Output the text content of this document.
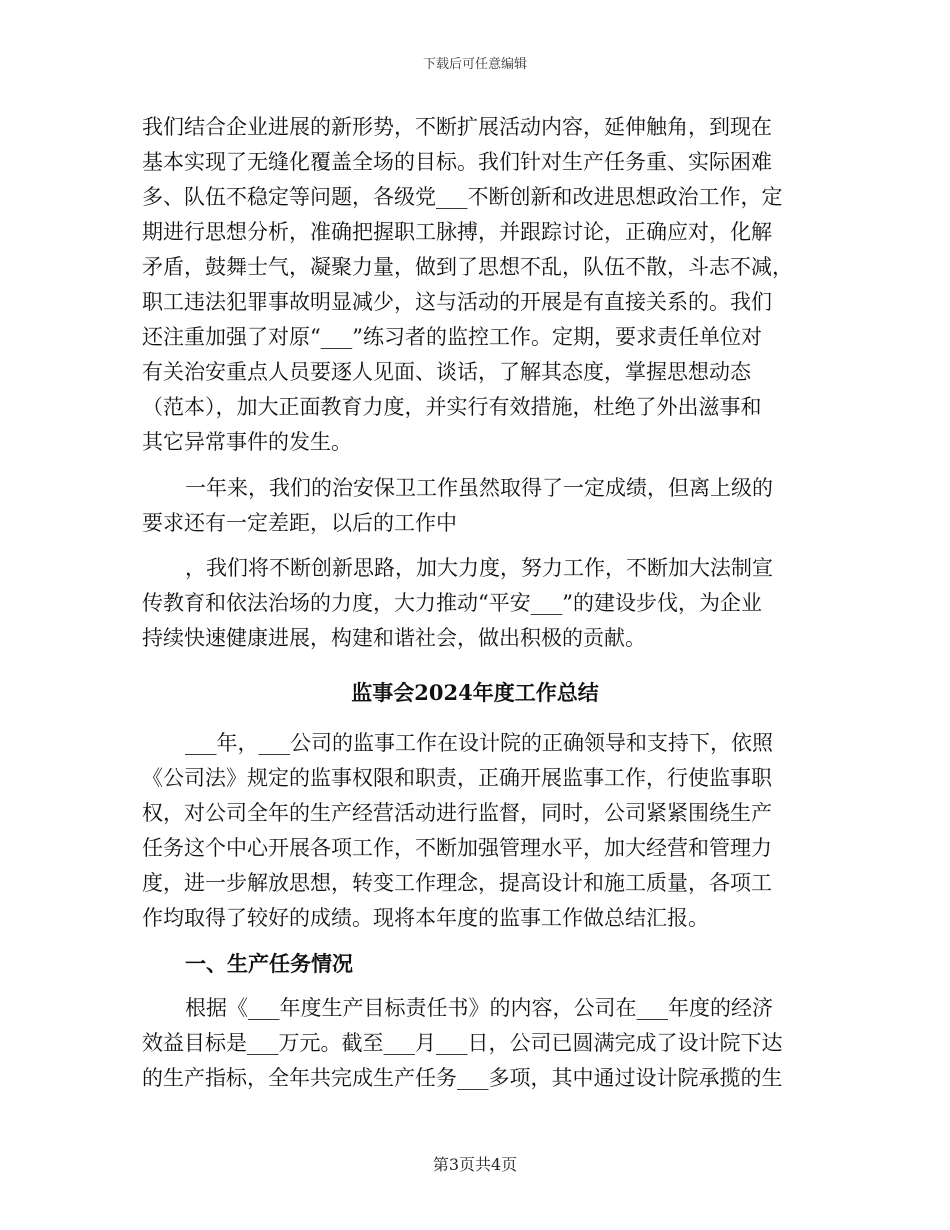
下载后可任意编辑
我们结合企业进展的新形势，不断扩展活动内容，延伸触角，到现在
基本实现了无缝化覆盖全场的目标。我们针对生产任务重、实际困难
多、队伍不稳定等问题，各级党___不断创新和改进思想政治工作，定
期进行思想分析，准确把握职工脉搏，并跟踪讨论，正确应对，化解
矛盾，鼓舞士气，凝聚力量，做到了思想不乱，队伍不散，斗志不减，
职工违法犯罪事故明显减少，这与活动的开展是有直接关系的。我们
还注重加强了对原“___”练习者的监控工作。定期，要求责任单位对
有关治安重点人员要逐人见面、谈话，了解其态度，掌握思想动态
（范本），加大正面教育力度，并实行有效措施，杜绝了外出滋事和
其它异常事件的发生。
一年来，我们的治安保卫工作虽然取得了一定成绩，但离上级的
要求还有一定差距，以后的工作中
，我们将不断创新思路，加大力度，努力工作，不断加大法制宣
传教育和依法治场的力度，大力推动“平安___”的建设步伐，为企业
持续快速健康进展，构建和谐社会，做出积极的贡献。
___年，___公司的监事工作在设计院的正确领导和支持下，依照
《公司法》规定的监事权限和职责，正确开展监事工作，行使监事职
权，对公司全年的生产经营活动进行监督，同时，公司紧紧围绕生产
任务这个中心开展各项工作，不断加强管理水平，加大经营和管理力
度，进一步解放思想，转变工作理念，提高设计和施工质量，各项工
作均取得了较好的成绩。现将本年度的监事工作做总结汇报。
一、生产任务情况
根据《___年度生产目标责任书》的内容，公司在___年度的经济
效益目标是___万元。截至___月___日，公司已圆满完成了设计院下达
的生产指标，全年共完成生产任务___多项，其中通过设计院承揽的生
监事会2024年度工作总结
第3页共4页
